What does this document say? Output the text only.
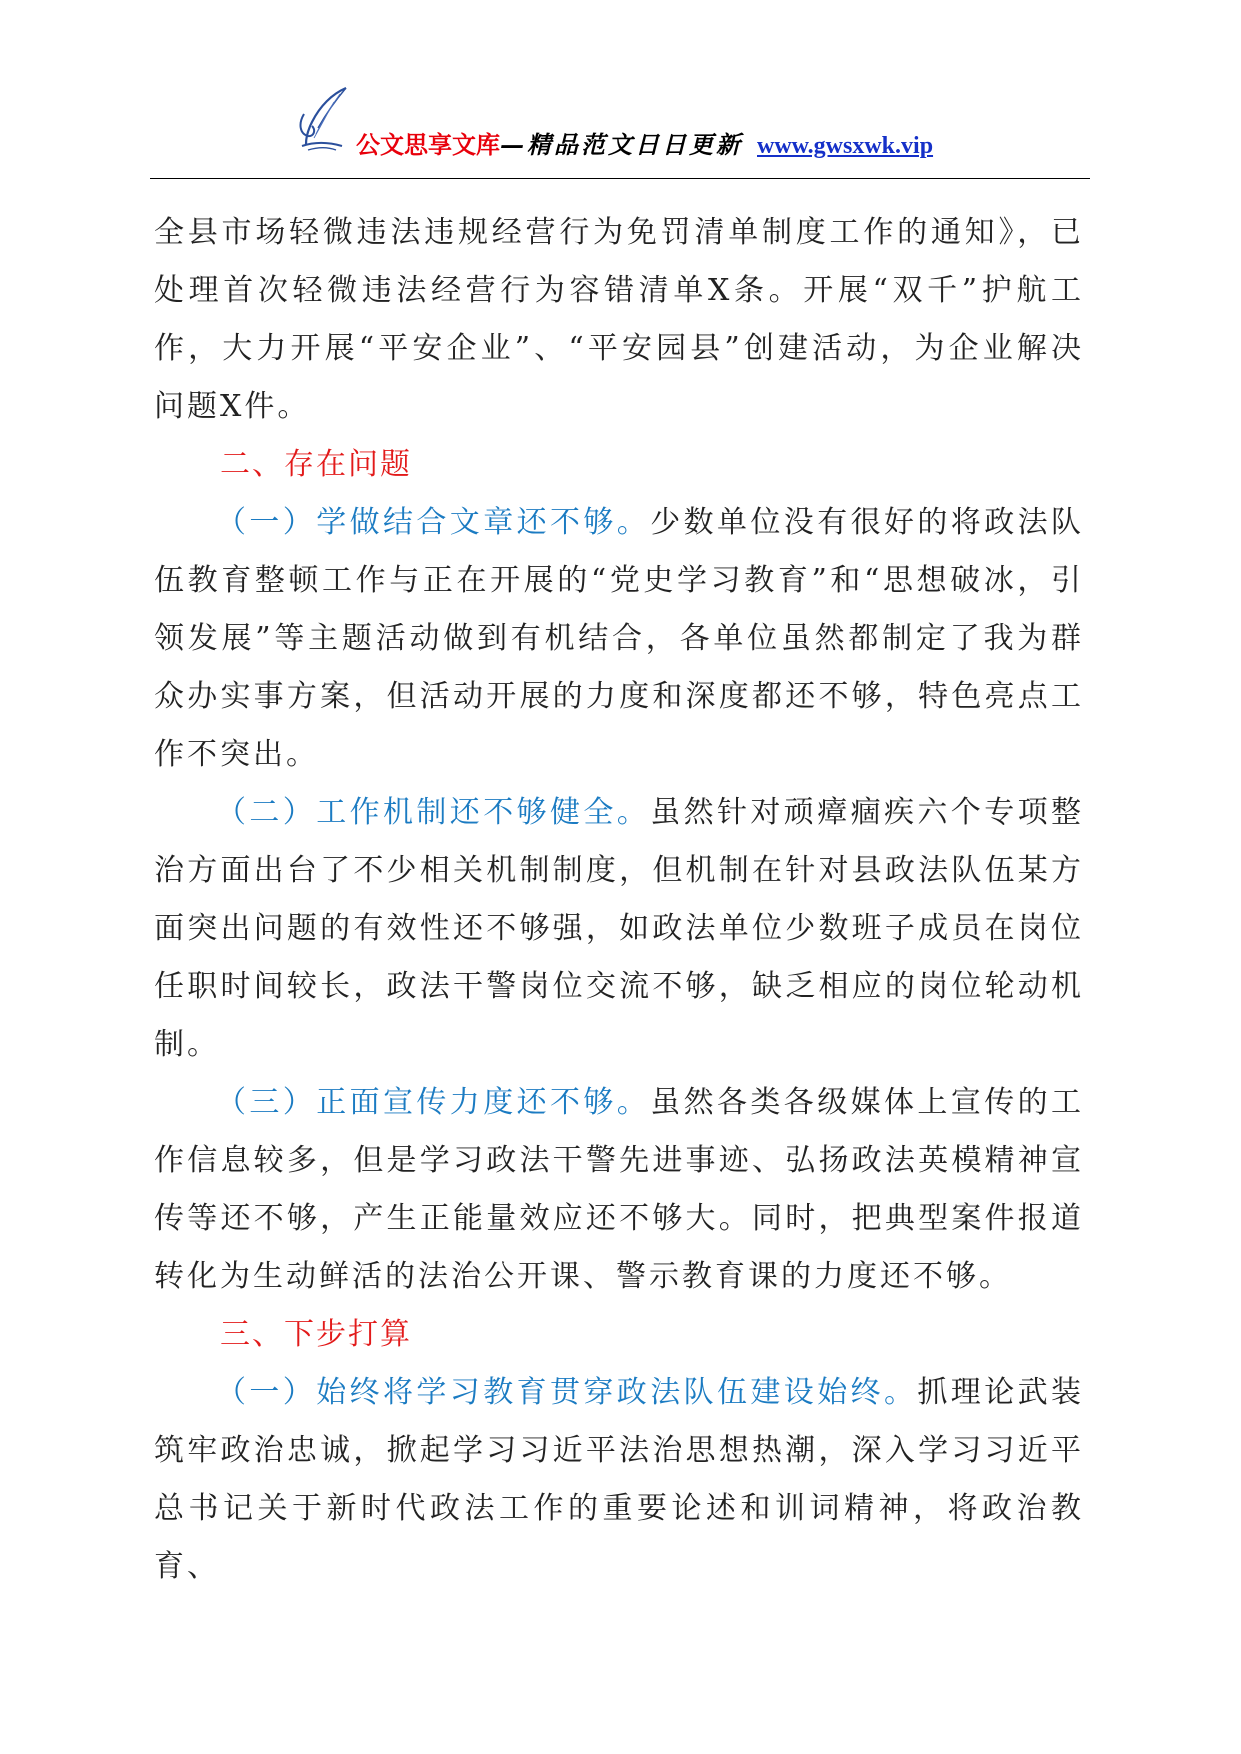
公文思享文库—精品范文日日更新 www.gwsxwk.vip

全县市场轻微违法违规经营行为免罚清单制度工作的通知》，已处理首次轻微违法经营行为容错清单X条。开展“双千”护航工作，大力开展“平安企业”、“平安园县”创建活动，为企业解决问题X件。

二、存在问题

（一）学做结合文章还不够。少数单位没有很好的将政法队伍教育整顿工作与正在开展的“党史学习教育”和“思想破冰，引领发展”等主题活动做到有机结合，各单位虽然都制定了我为群众办实事方案，但活动开展的力度和深度都还不够，特色亮点工作不突出。

（二）工作机制还不够健全。虽然针对顽瘴痼疾六个专项整治方面出台了不少相关机制制度，但机制在针对县政法队伍某方面突出问题的有效性还不够强，如政法单位少数班子成员在岗位任职时间较长，政法干警岗位交流不够，缺乏相应的岗位轮动机制。

（三）正面宣传力度还不够。虽然各类各级媒体上宣传的工作信息较多，但是学习政法干警先进事迹、弘扬政法英模精神宣传等还不够，产生正能量效应还不够大。同时，把典型案件报道转化为生动鲜活的法治公开课、警示教育课的力度还不够。

三、下步打算

（一）始终将学习教育贯穿政法队伍建设始终。抓理论武装筑牢政治忠诚，掀起学习习近平法治思想热潮，深入学习习近平总书记关于新时代政法工作的重要论述和训词精神，将政治教育、
